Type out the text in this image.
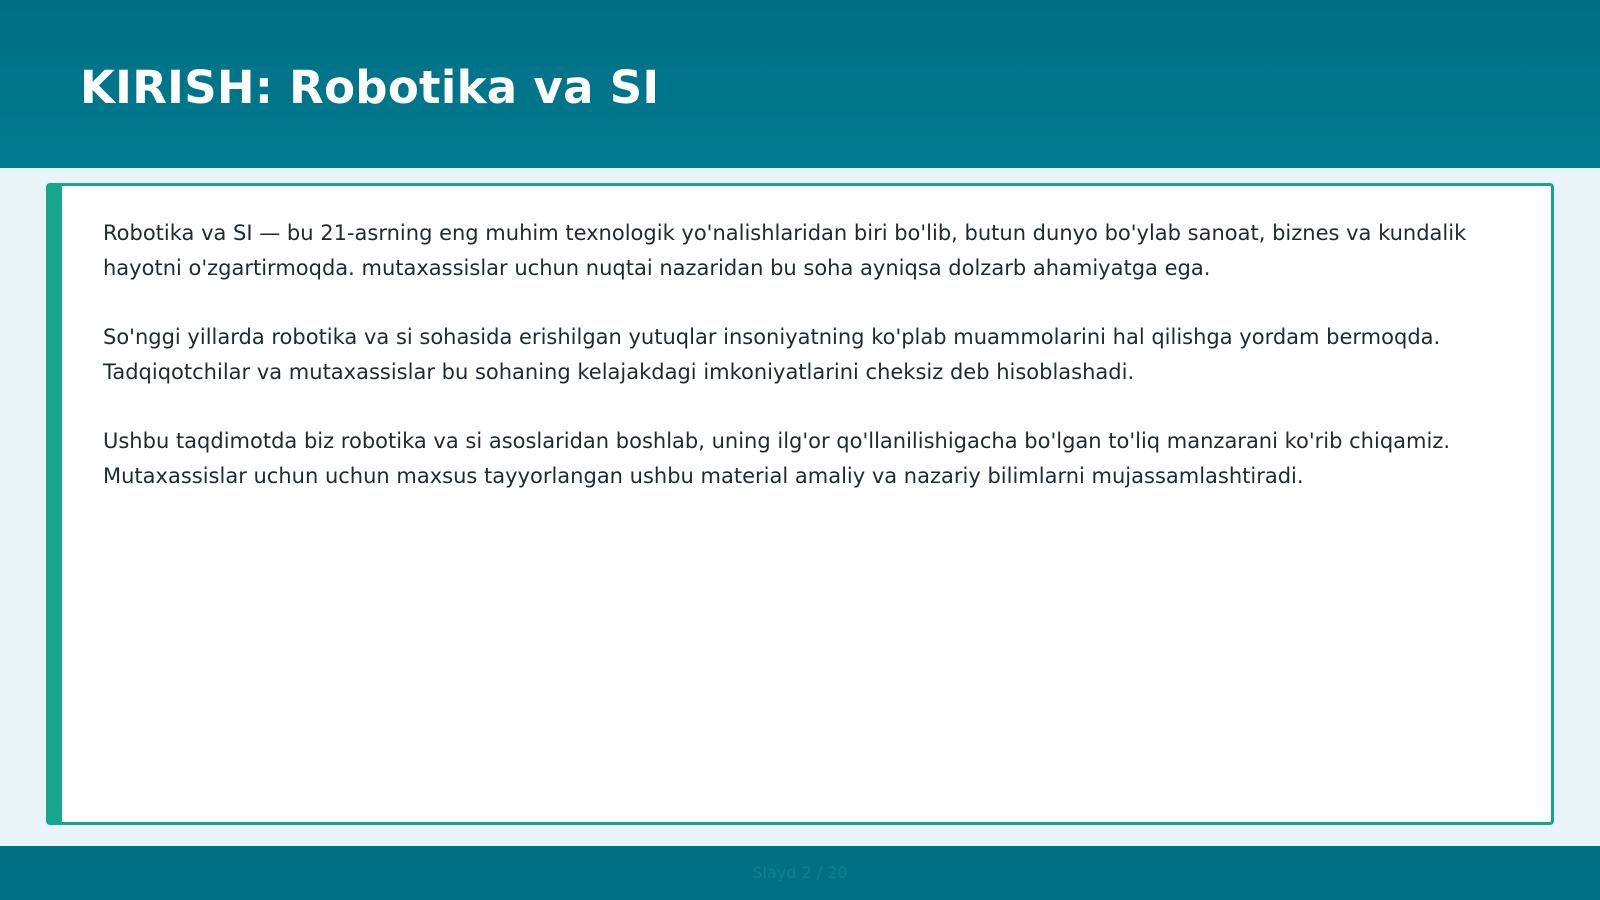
KIRISH: Robotika va SI

Robotika va SI — bu 21-asrning eng muhim texnologik yo'nalishlaridan biri bo'lib, butun dunyo bo'ylab sanoat, biznes va kundalik hayotni o'zgartirmoqda. mutaxassislar uchun nuqtai nazaridan bu soha ayniqsa dolzarb ahamiyatga ega.

So'nggi yillarda robotika va si sohasida erishilgan yutuqlar insoniyatning ko'plab muammolarini hal qilishga yordam bermoqda. Tadqiqotchilar va mutaxassislar bu sohaning kelajakdagi imkoniyatlarini cheksiz deb hisoblashadi.

Ushbu taqdimotda biz robotika va si asoslaridan boshlab, uning ilg'or qo'llanilishigacha bo'lgan to'liq manzarani ko'rib chiqamiz. Mutaxassislar uchun uchun maxsus tayyorlangan ushbu material amaliy va nazariy bilimlarni mujassamlashtiradi.

Slayd 2 / 20
